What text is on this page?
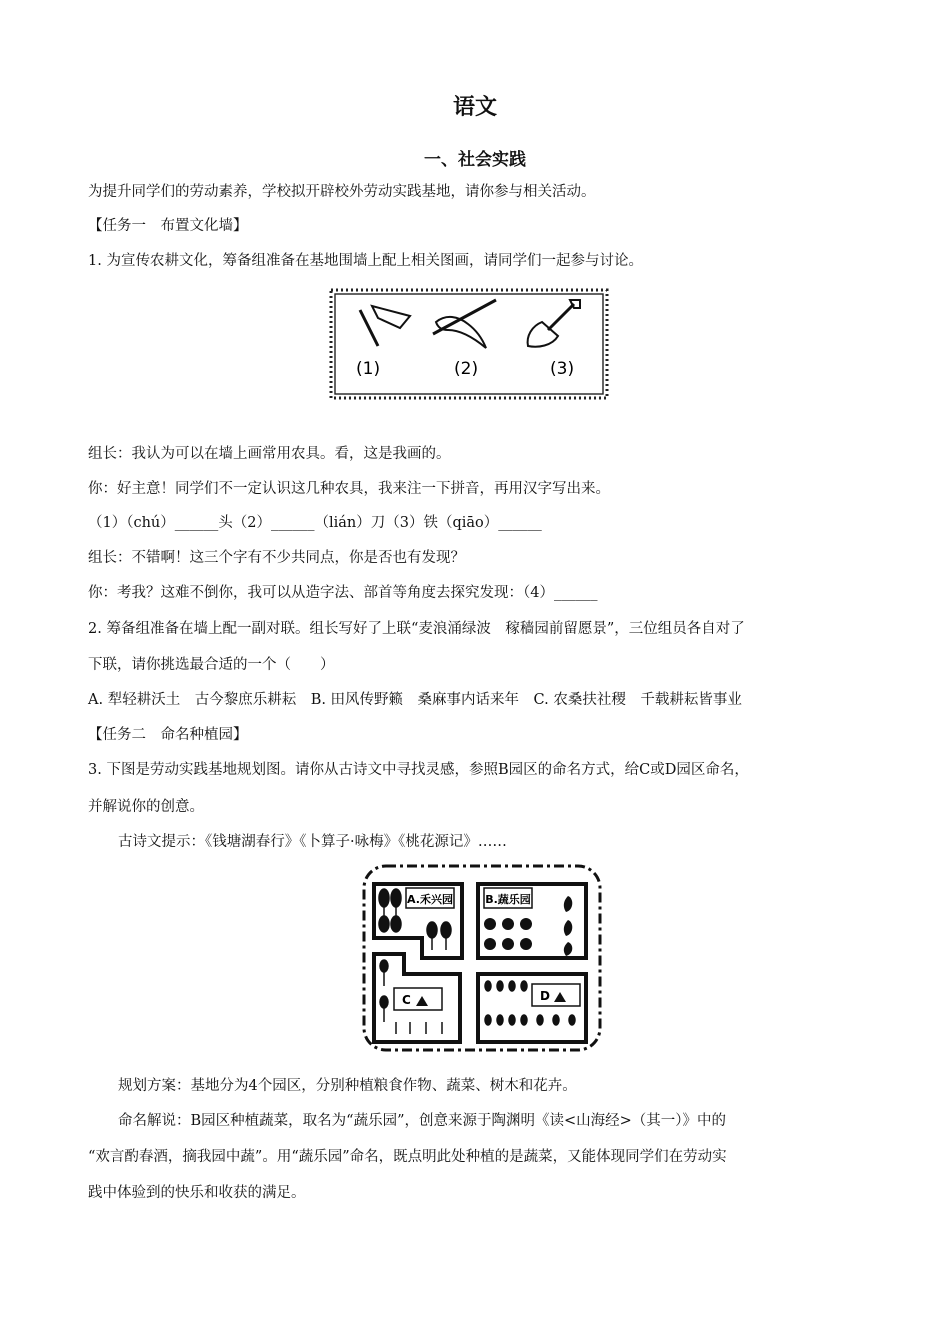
语文
一、社会实践
为提升同学们的劳动素养，学校拟开辟校外劳动实践基地，请你参与相关活动。
【任务一　布置文化墙】
1. 为宣传农耕文化，筹备组准备在基地围墙上配上相关图画，请同学们一起参与讨论。
(1)	(2)	(3)
组长：我认为可以在墙上画常用农具。看，这是我画的。
你：好主意！同学们不一定认识这几种农具，我来注一下拼音，再用汉字写出来。
（1）（chú）______头（2）______（lián）刀（3）铁（qiāo）______
组长：不错啊！这三个字有不少共同点，你是否也有发现？
你：考我？这难不倒你，我可以从造字法、部首等角度去探究发现：（4）______
2. 筹备组准备在墙上配一副对联。组长写好了上联“麦浪涌绿波　稼穑园前留愿景”，三位组员各自对了
下联，请你挑选最合适的一个（　　）
A. 犁轻耕沃土　古今黎庶乐耕耘　B. 田风传野籁　桑麻事内话来年　C. 农桑扶社稷　千载耕耘皆事业
【任务二　命名种植园】
3. 下图是劳动实践基地规划图。请你从古诗文中寻找灵感，参照B园区的命名方式，给C或D园区命名，
并解说你的创意。
古诗文提示：《钱塘湖春行》《卜算子·咏梅》《桃花源记》……
A.禾兴园	B.蔬乐园
C	D
规划方案：基地分为4个园区，分别种植粮食作物、蔬菜、树木和花卉。
命名解说：B园区种植蔬菜，取名为“蔬乐园”，创意来源于陶渊明《读<山海经>（其一）》中的
“欢言酌春酒，摘我园中蔬”。用“蔬乐园”命名，既点明此处种植的是蔬菜，又能体现同学们在劳动实
践中体验到的快乐和收获的满足。
